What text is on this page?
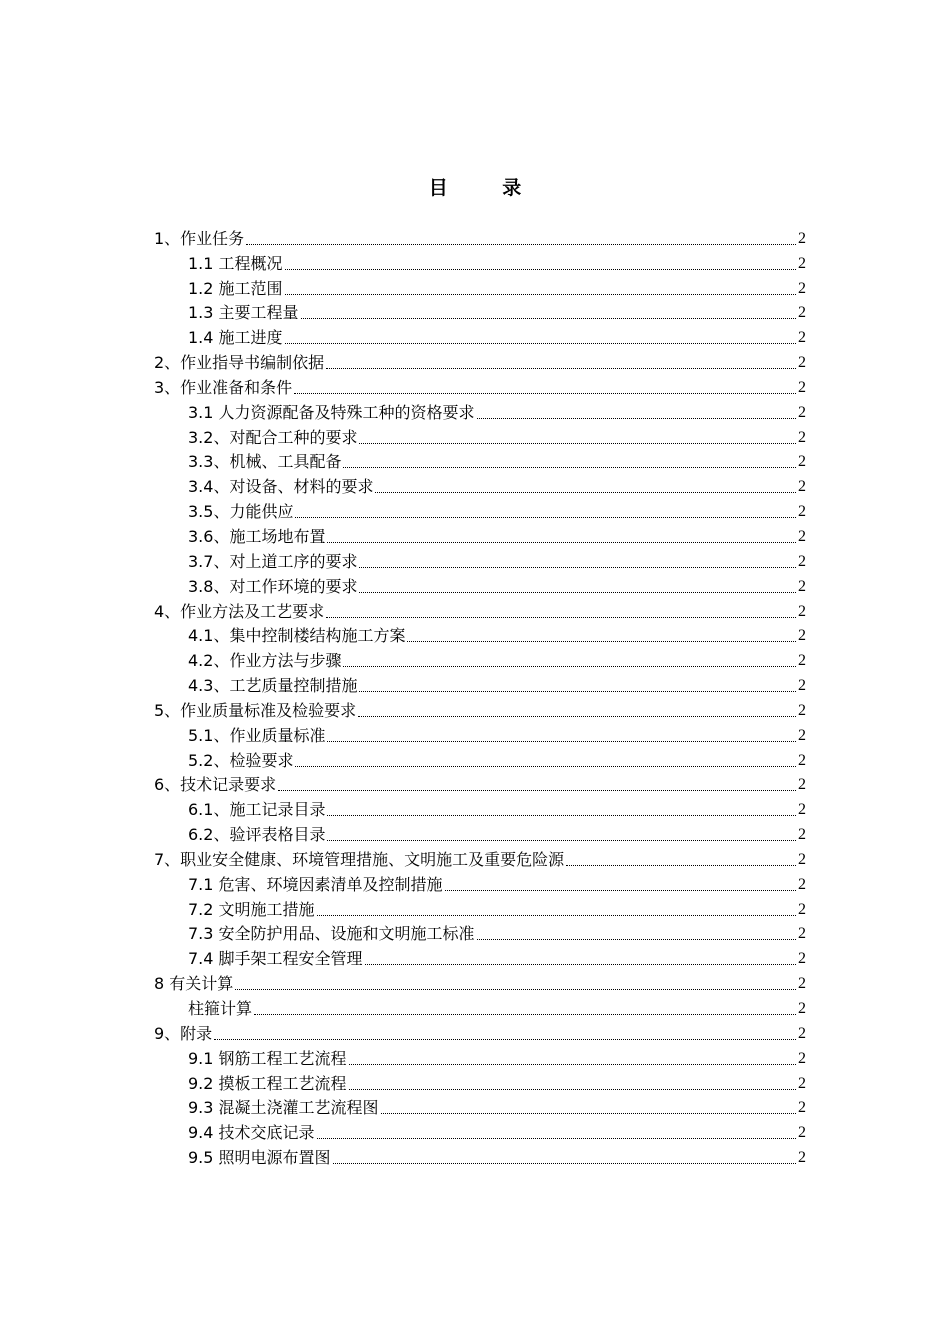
目 录
1、作业任务	2
1.1 工程概况	2
1.2 施工范围	2
1.3 主要工程量	2
1.4 施工进度	2
2、作业指导书编制依据	2
3、作业准备和条件	2
3.1 人力资源配备及特殊工种的资格要求	2
3.2、对配合工种的要求	2
3.3、机械、工具配备	2
3.4、对设备、材料的要求	2
3.5、力能供应	2
3.6、施工场地布置	2
3.7、对上道工序的要求	2
3.8、对工作环境的要求	2
4、作业方法及工艺要求	2
4.1、集中控制楼结构施工方案	2
4.2、作业方法与步骤	2
4.3、工艺质量控制措施	2
5、作业质量标准及检验要求	2
5.1、作业质量标准	2
5.2、检验要求	2
6、技术记录要求	2
6.1、施工记录目录	2
6.2、验评表格目录	2
7、职业安全健康、环境管理措施、文明施工及重要危险源	2
7.1 危害、环境因素清单及控制措施	2
7.2 文明施工措施	2
7.3 安全防护用品、设施和文明施工标准	2
7.4 脚手架工程安全管理	2
8 有关计算	2
柱箍计算	2
9、附录	2
9.1 钢筋工程工艺流程	2
9.2 摸板工程工艺流程	2
9.3 混凝土浇灌工艺流程图	2
9.4 技术交底记录	2
9.5 照明电源布置图	2
